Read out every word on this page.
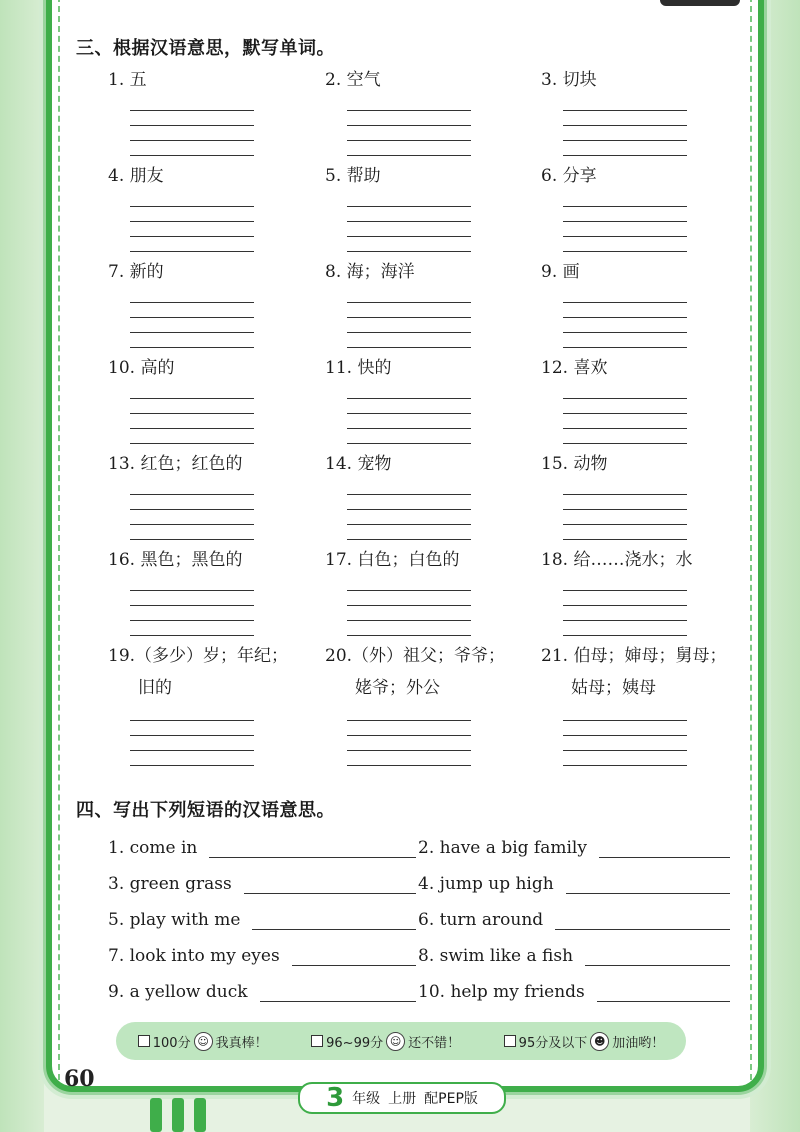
三、根据汉语意思，默写单词。
1. 五	2. 空气	3. 切块
4. 朋友	5. 帮助	6. 分享
7. 新的	8. 海；海洋	9. 画
10. 高的	11. 快的	12. 喜欢
13. 红色；红色的	14. 宠物	15. 动物
16. 黑色；黑色的	17. 白色；白色的	18. 给……浇水；水
19.（多少）岁；年纪；
旧的
20.（外）祖父；爷爷；
姥爷；外公
21. 伯母；婶母；舅母；
姑母；姨母
四、写出下列短语的汉语意思。
1. come in	2. have a big family
3. green grass	4. jump up high
5. play with me	6. turn around
7. look into my eyes	8. swim like a fish
9. a yellow duck	10. help my friends
100分 ☺ 我真棒！	96~99分 ☺ 还不错！	95分及以下 ☻ 加油哟！
60
3 年级 上册 配PEP版
